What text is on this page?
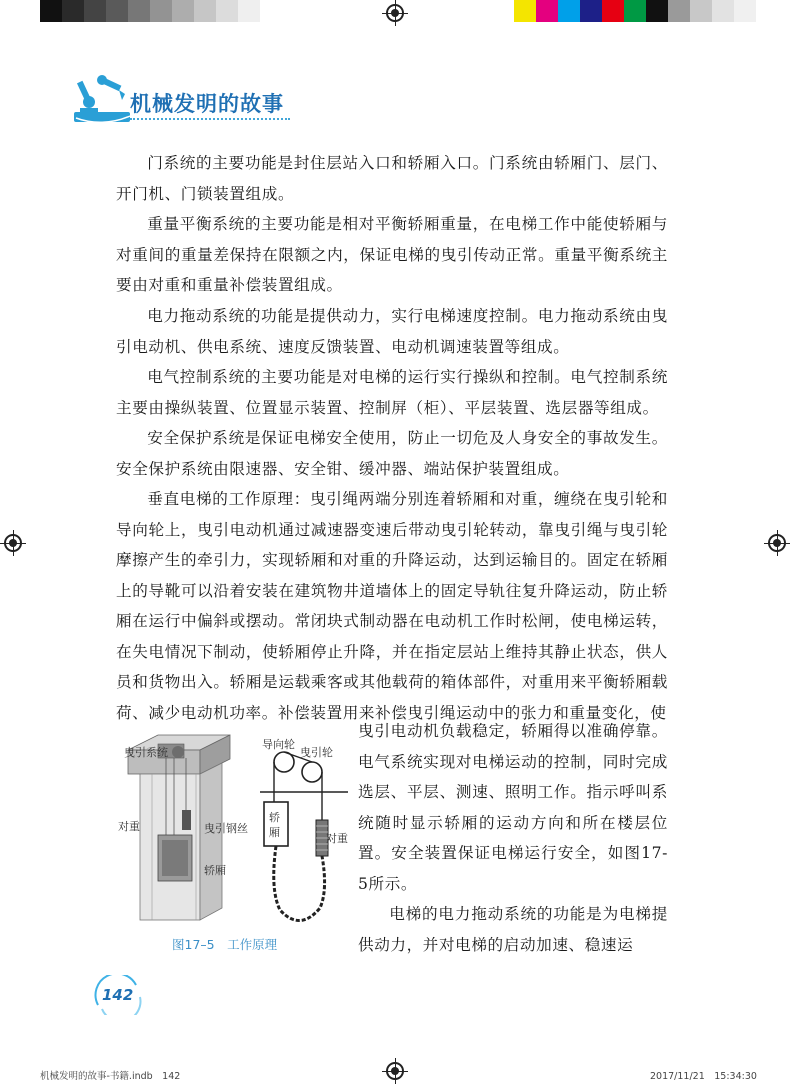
机械发明的故事
门系统的主要功能是封住层站入口和轿厢入口。门系统由轿厢门、层门、开门机、门锁装置组成。
重量平衡系统的主要功能是相对平衡轿厢重量，在电梯工作中能使轿厢与对重间的重量差保持在限额之内，保证电梯的曳引传动正常。重量平衡系统主要由对重和重量补偿装置组成。
电力拖动系统的功能是提供动力，实行电梯速度控制。电力拖动系统由曳引电动机、供电系统、速度反馈装置、电动机调速装置等组成。
电气控制系统的主要功能是对电梯的运行实行操纵和控制。电气控制系统主要由操纵装置、位置显示装置、控制屏（柜）、平层装置、选层器等组成。
安全保护系统是保证电梯安全使用，防止一切危及人身安全的事故发生。安全保护系统由限速器、安全钳、缓冲器、端站保护装置组成。
垂直电梯的工作原理：曳引绳两端分别连着轿厢和对重，缠绕在曳引轮和导向轮上，曳引电动机通过减速器变速后带动曳引轮转动，靠曳引绳与曳引轮摩擦产生的牵引力，实现轿厢和对重的升降运动，达到运输目的。固定在轿厢上的导靴可以沿着安装在建筑物井道墙体上的固定导轨往复升降运动，防止轿厢在运行中偏斜或摆动。常闭块式制动器在电动机工作时松闸，使电梯运转，在失电情况下制动，使轿厢停止升降，并在指定层站上维持其静止状态，供人员和货物出入。轿厢是运载乘客或其他载荷的箱体部件，对重用来平衡轿厢载荷、减少电动机功率。补偿装置用来补偿曳引绳运动中的张力和重量变化，使
曳引电动机负载稳定，轿厢得以准确停靠。电气系统实现对电梯运动的控制，同时完成选层、平层、测速、照明工作。指示呼叫系统随时显示轿厢的运动方向和所在楼层位置。安全装置保证电梯运行安全，如图17-5所示。
电梯的电力拖动系统的功能是为电梯提供动力，并对电梯的启动加速、稳速运
曳引系统
对重	曳引钢丝
轿厢
导向轮
曳引轮
轿
厢	对重
图17–5　工作原理
142
机械发明的故事-书籍.indb　142	2017/11/21　15:34:30
